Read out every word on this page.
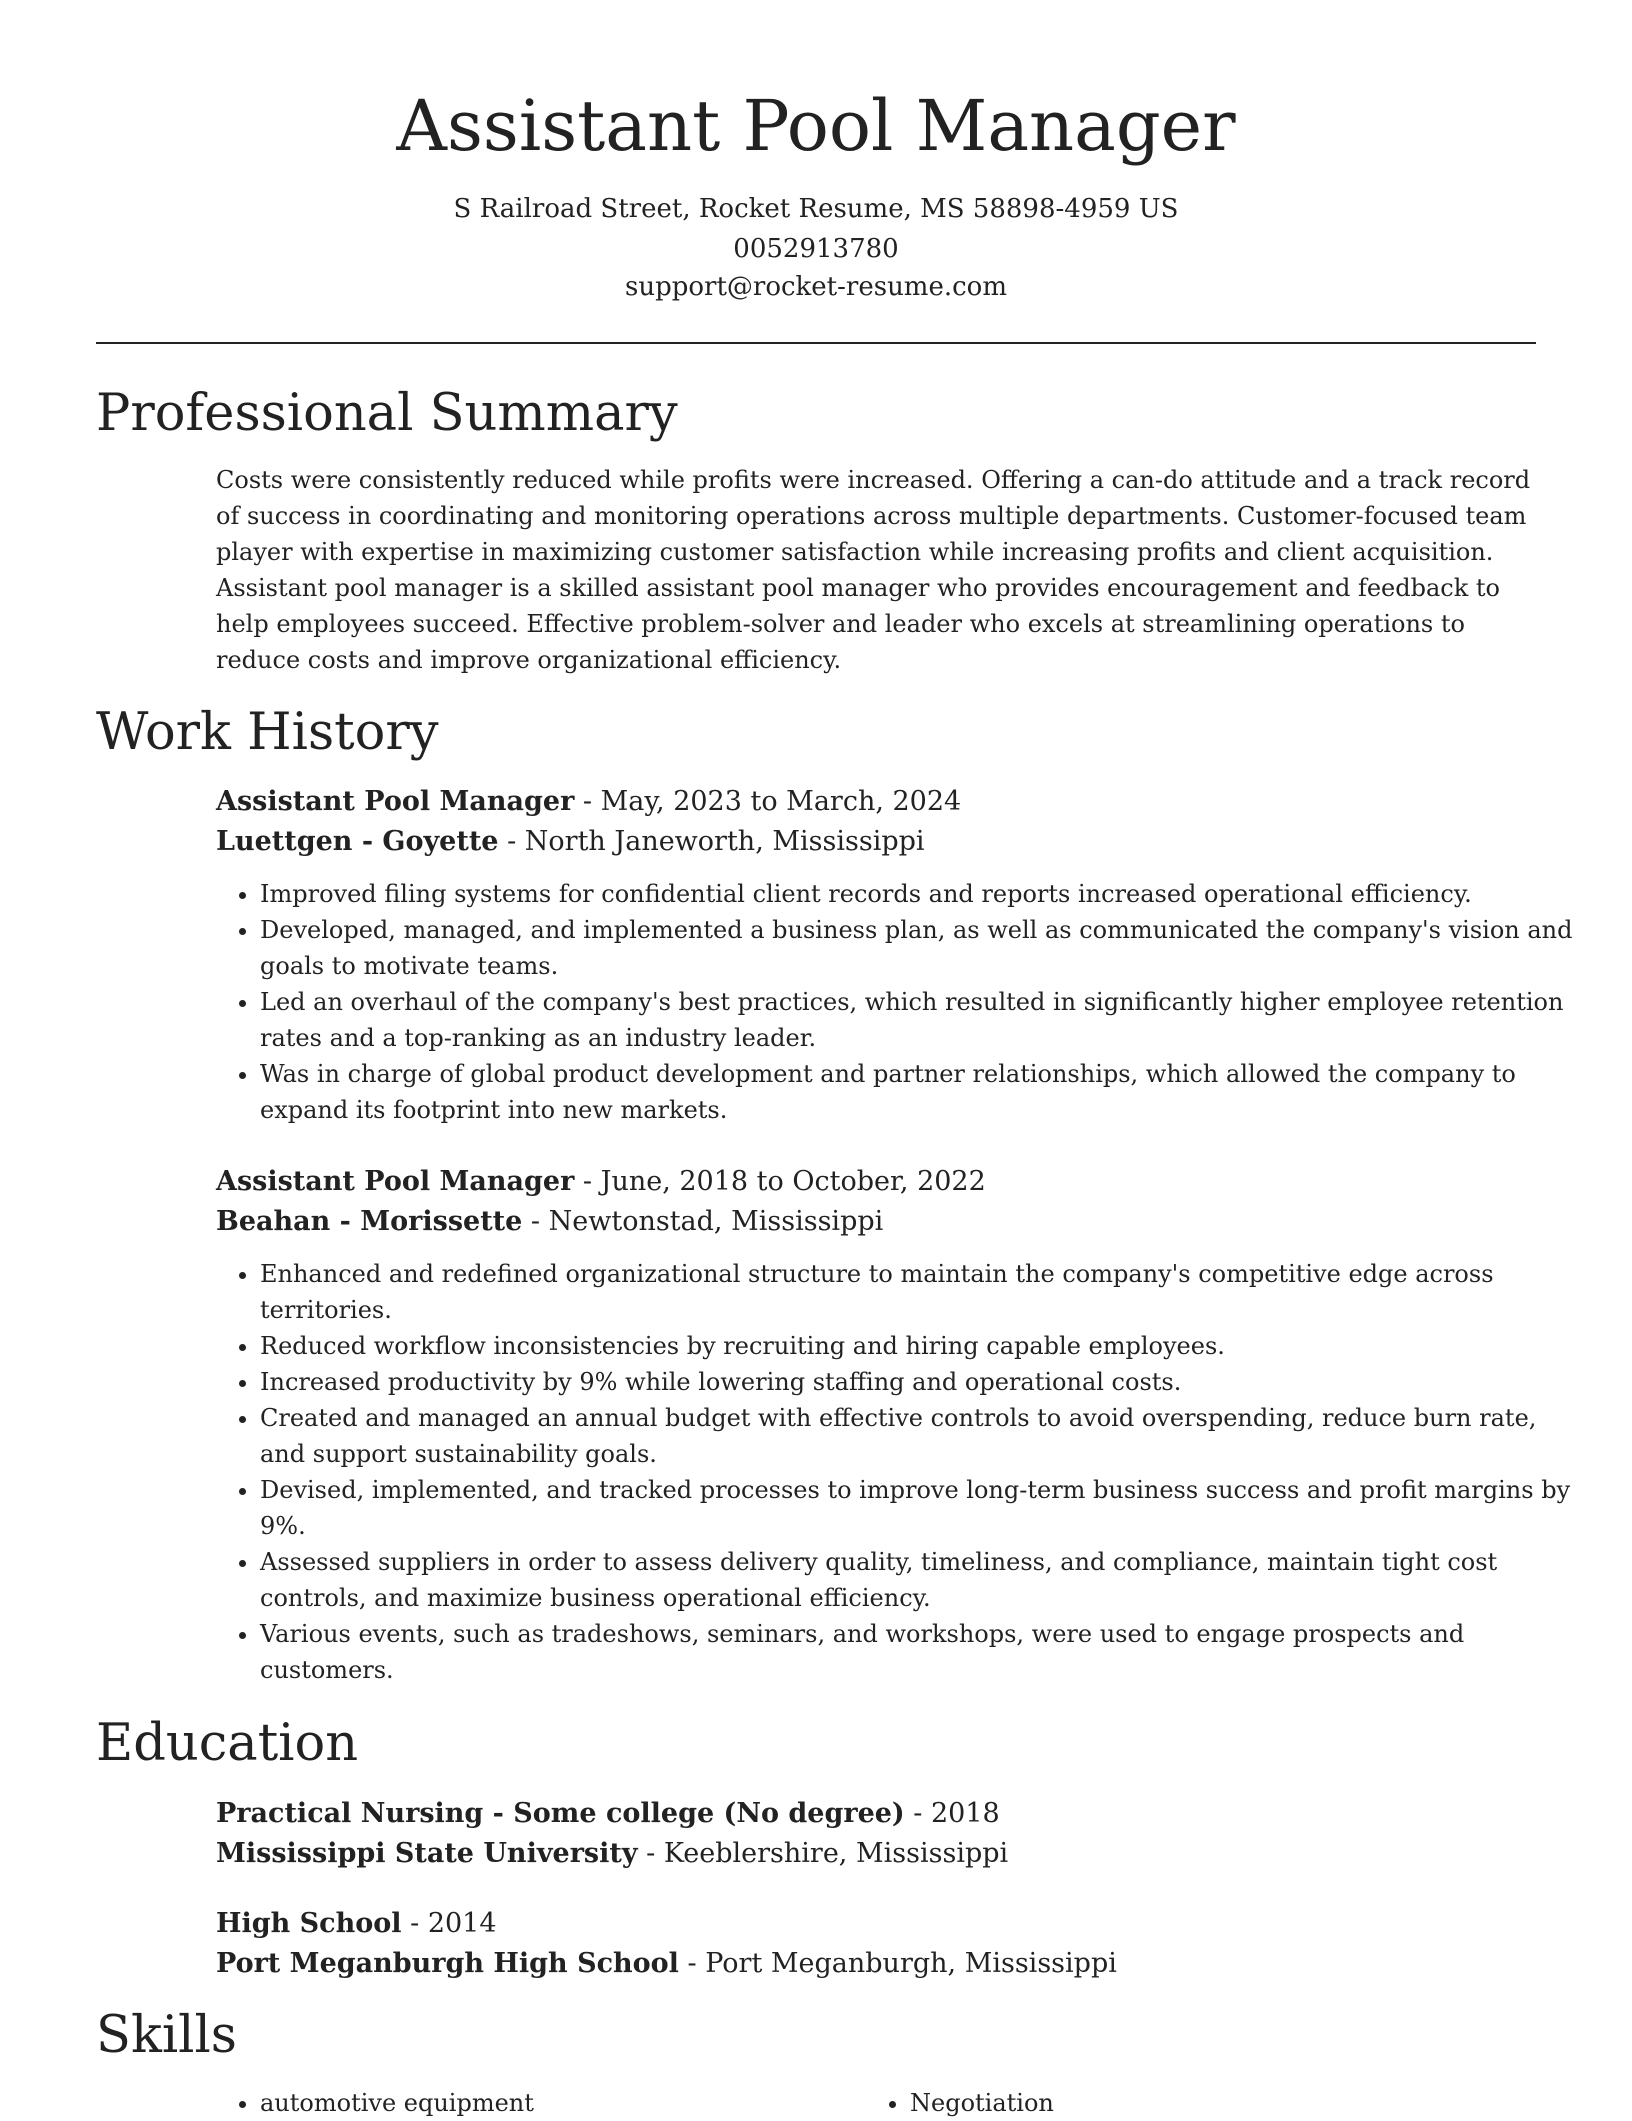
Assistant Pool Manager
S Railroad Street, Rocket Resume, MS 58898-4959 US
0052913780
support@rocket-resume.com
Professional Summary

Costs were consistently reduced while profits were increased. Offering a can-do attitude and a track record of success in coordinating and monitoring operations across multiple departments. Customer-focused team player with expertise in maximizing customer satisfaction while increasing profits and client acquisition. Assistant pool manager is a skilled assistant pool manager who provides encouragement and feedback to help employees succeed. Effective problem-solver and leader who excels at streamlining operations to reduce costs and improve organizational efficiency.

Work History
Assistant Pool Manager - May, 2023 to March, 2024
Luettgen - Goyette - North Janeworth, Mississippi
• Improved filing systems for confidential client records and reports increased operational efficiency.
• Developed, managed, and implemented a business plan, as well as communicated the company's vision and goals to motivate teams.
• Led an overhaul of the company's best practices, which resulted in significantly higher employee retention rates and a top-ranking as an industry leader.
• Was in charge of global product development and partner relationships, which allowed the company to expand its footprint into new markets.
Assistant Pool Manager - June, 2018 to October, 2022
Beahan - Morissette - Newtonstad, Mississippi
• Enhanced and redefined organizational structure to maintain the company's competitive edge across territories.
• Reduced workflow inconsistencies by recruiting and hiring capable employees.
• Increased productivity by 9% while lowering staffing and operational costs.
• Created and managed an annual budget with effective controls to avoid overspending, reduce burn rate, and support sustainability goals.
• Devised, implemented, and tracked processes to improve long-term business success and profit margins by 9%.
• Assessed suppliers in order to assess delivery quality, timeliness, and compliance, maintain tight cost controls, and maximize business operational efficiency.
• Various events, such as tradeshows, seminars, and workshops, were used to engage prospects and customers.
Education
Practical Nursing - Some college (No degree) - 2018
Mississippi State University - Keeblershire, Mississippi
High School - 2014
Port Meganburgh High School - Port Meganburgh, Mississippi
Skills
• automotive equipment
•	Negotiation
